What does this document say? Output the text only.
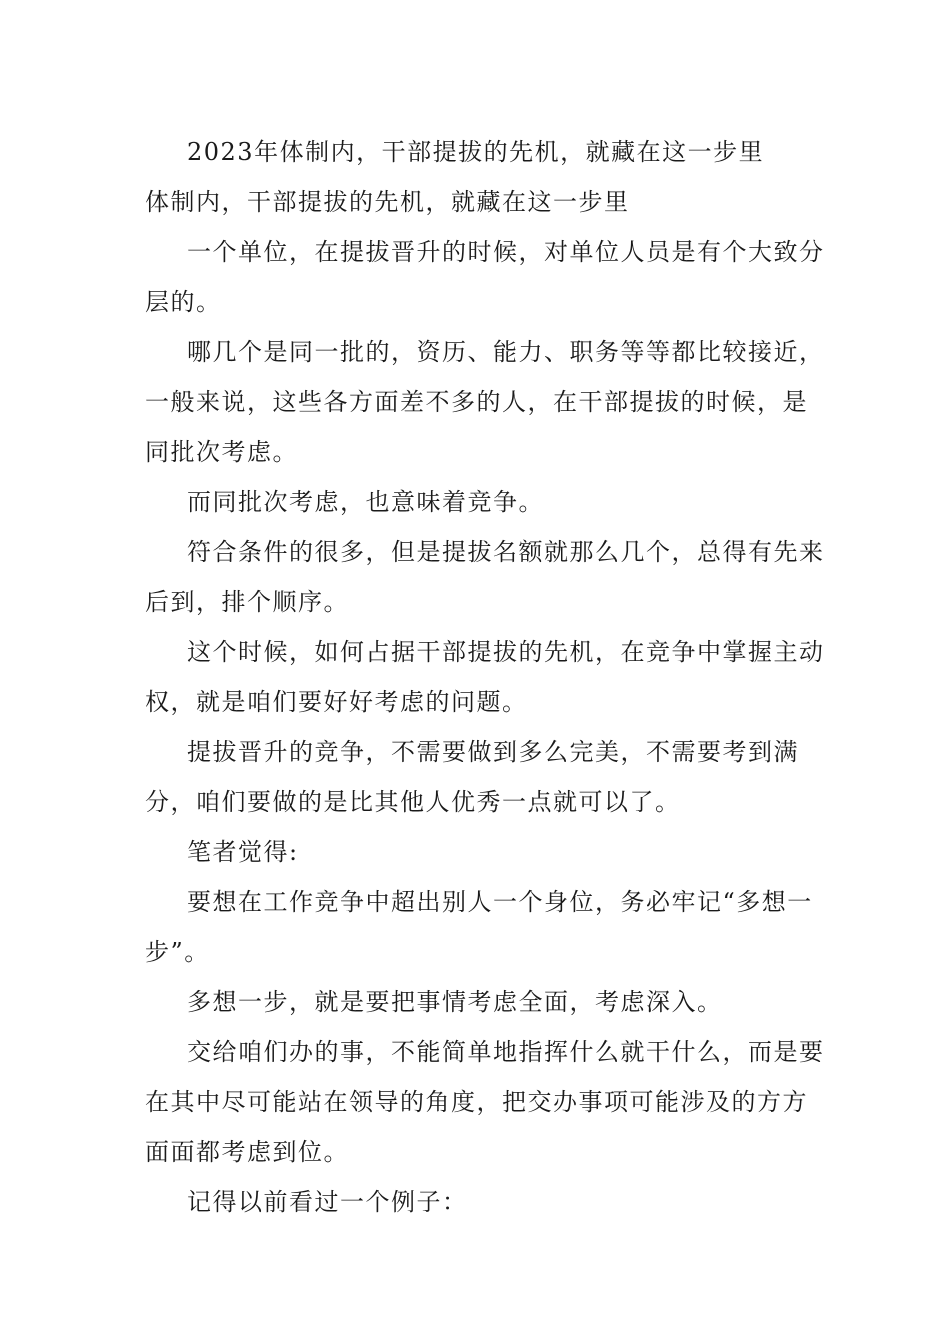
2023年体制内，干部提拔的先机，就藏在这一步里

体制内，干部提拔的先机，就藏在这一步里

一个单位，在提拔晋升的时候，对单位人员是有个大致分层的。

哪几个是同一批的，资历、能力、职务等等都比较接近，一般来说，这些各方面差不多的人，在干部提拔的时候，是同批次考虑。

而同批次考虑，也意味着竞争。

符合条件的很多，但是提拔名额就那么几个，总得有先来后到，排个顺序。

这个时候，如何占据干部提拔的先机，在竞争中掌握主动权，就是咱们要好好考虑的问题。

提拔晋升的竞争，不需要做到多么完美，不需要考到满分，咱们要做的是比其他人优秀一点就可以了。

笔者觉得:

要想在工作竞争中超出别人一个身位，务必牢记“多想一步”。

多想一步，就是要把事情考虑全面，考虑深入。

交给咱们办的事，不能简单地指挥什么就干什么，而是要在其中尽可能站在领导的角度，把交办事项可能涉及的方方面面都考虑到位。

记得以前看过一个例子：
